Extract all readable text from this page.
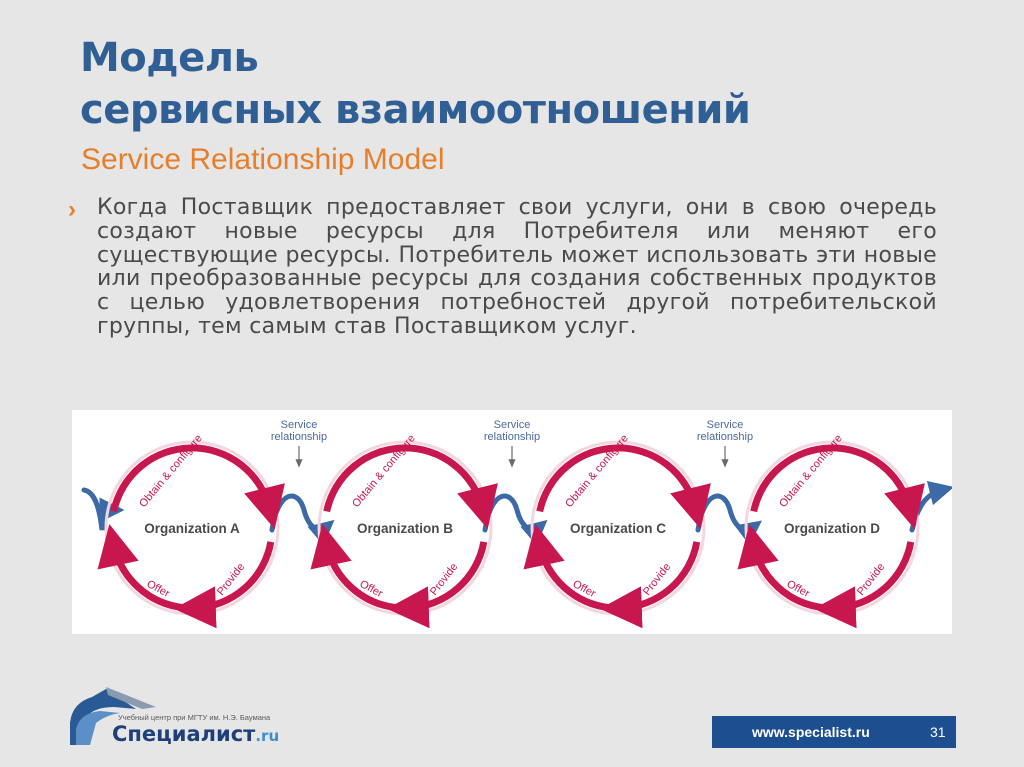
Модель
сервисных взаимоотношений
Service Relationship Model
› Когда Поставщик предоставляет свои услуги, они в свою очередь создают новые ресурсы для Потребителя или меняют его существующие ресурсы. Потребитель может использовать эти новые или преобразованные ресурсы для создания собственных продуктов с целью удовлетворения потребностей другой потребительской группы, тем самым став Поставщиком услуг.
Organization A
Obtain & configure
Offer	Provide
Organization B
Obtain & configure
Offer	Provide
Organization C
Obtain & configure
Offer	Provide
Organization D
Obtain & configure
Offer	Provide
Service
relationship
Service
relationship
Service
relationship
Учебный центр при МГТУ им. Н.Э. Баумана
Специалист.ru	www.specialist.ru	31
